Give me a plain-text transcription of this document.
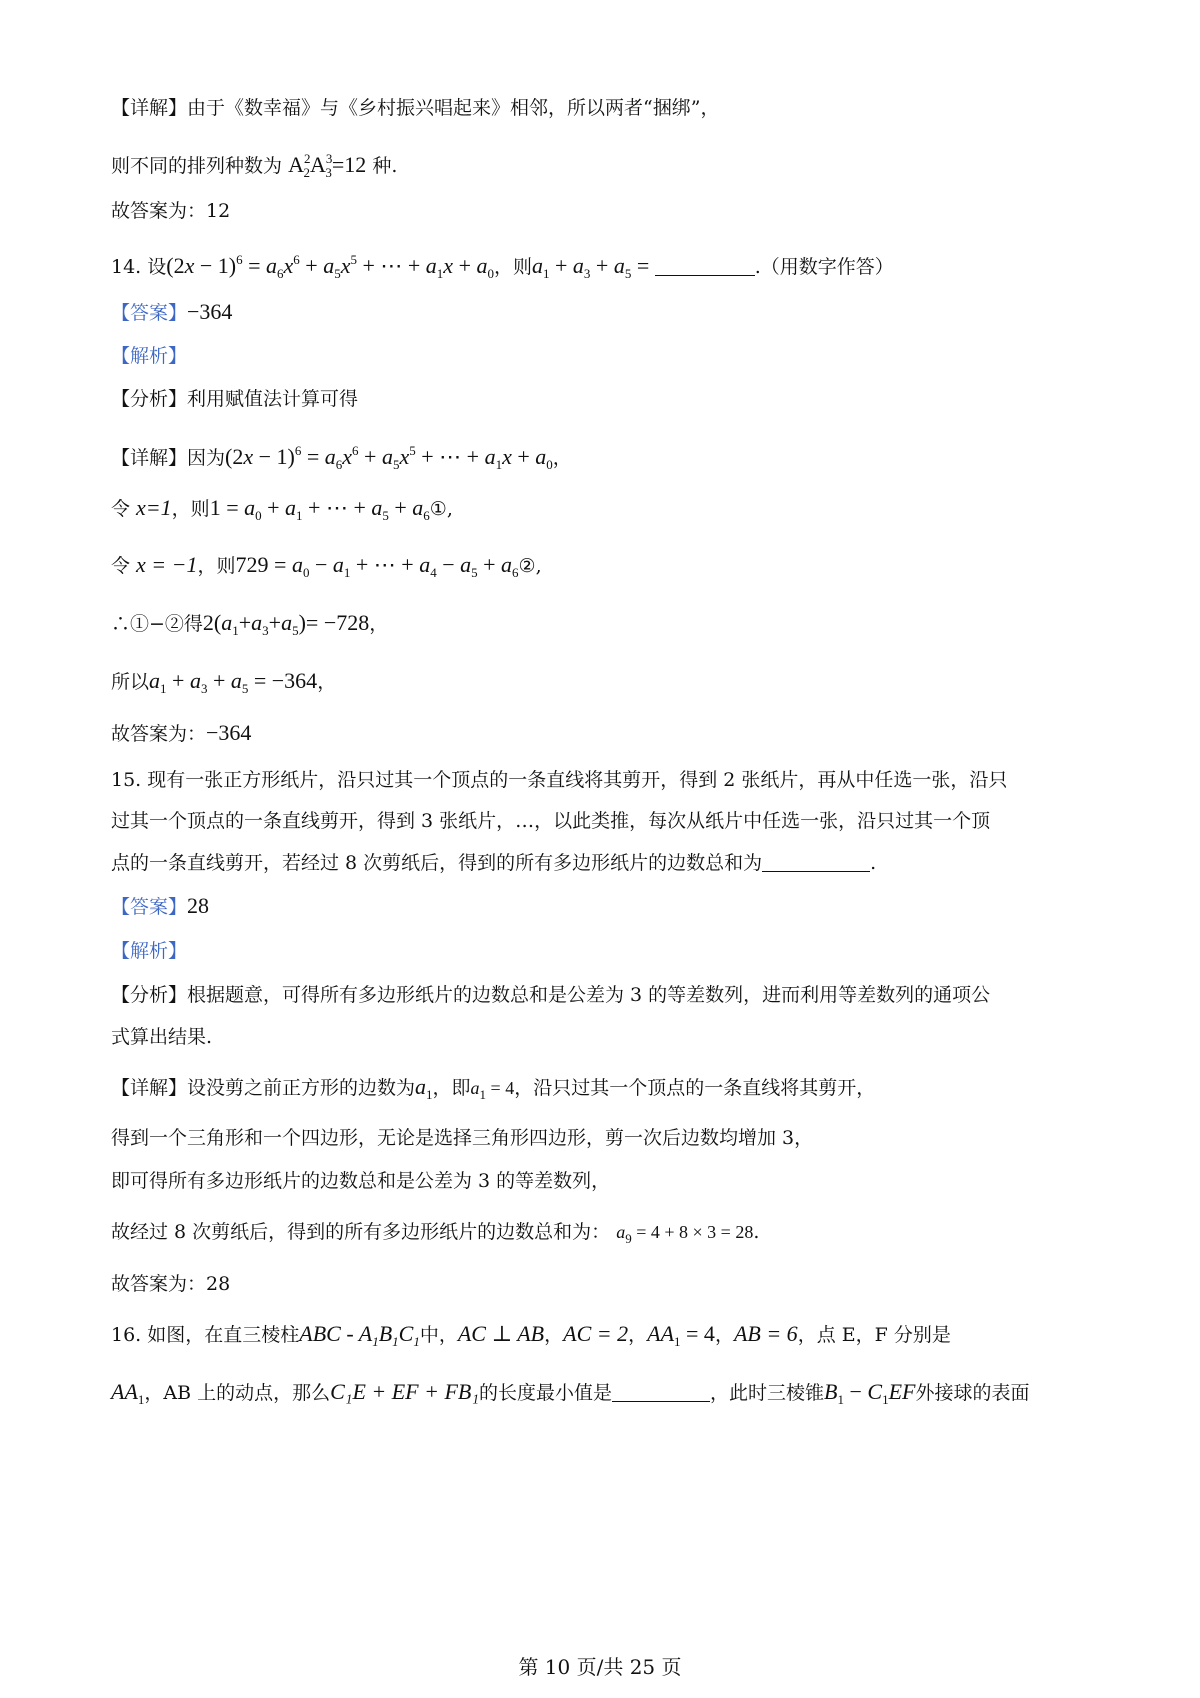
【详解】由于《数幸福》与《乡村振兴唱起来》相邻，所以两者“捆绑”，
则不同的排列种数为 $A^2_2A^3_3=12$ 种.
故答案为：12
14. 设$(2x - 1)^6 = a_6x^6 + a_5x^5$ + ⋯ + $a_1x + a_0$，则$a_1 + a_3 + a_5$ =	.（用数字作答）
【答案】−364
【解析】
【分析】利用赋值法计算可得
【详解】因为$(2x - 1)^6 = a_6x^6 + a_5x^5$ + ⋯ + $a_1x + a_0$，
令 x=1，则$1 = a_0 + a_1$ + ⋯ + $a_5$ + $a_6①$,
令 x = −1，则$729 = a_0 - a_1$ + ⋯ + $a_4 - a_5$ + $a_6②$,
∴①−②得$2(a_1+a_3+a_5)= -728$，
所以$a_1 + a_3 + a_5 = -364$，
故答案为：−364
15. 现有一张正方形纸片，沿只过其一个顶点的一条直线将其剪开，得到 2 张纸片，再从中任选一张，沿只
过其一个顶点的一条直线剪开，得到 3 张纸片，…，以此类推，每次从纸片中任选一张，沿只过其一个顶
点的一条直线剪开，若经过 8 次剪纸后，得到的所有多边形纸片的边数总和为	.
【答案】28
【解析】
【分析】根据题意，可得所有多边形纸片的边数总和是公差为 3 的等差数列，进而利用等差数列的通项公
式算出结果.
【详解】设没剪之前正方形的边数为$a_1$，即$a_1 = 4$，沿只过其一个顶点的一条直线将其剪开，
得到一个三角形和一个四边形，无论是选择三角形四边形，剪一次后边数均增加 3，
即可得所有多边形纸片的边数总和是公差为 3 的等差数列，
故经过 8 次剪纸后，得到的所有多边形纸片的边数总和为： $a_9 = 4 + 8 \times 3 = 28$.
故答案为：28
16. 如图，在直三棱柱ABC - $A_1B_1C_1$中，AC ⊥ AB，AC = 2，$AA_1 = 4$，AB = 6，点 E，F 分别是
$AA_1$，AB 上的动点，那么C₁E + EF + FB₁的长度最小值是	，此时三棱锥$B_1 - C_1EF$外接球的表面
第 10 页/共 25 页
